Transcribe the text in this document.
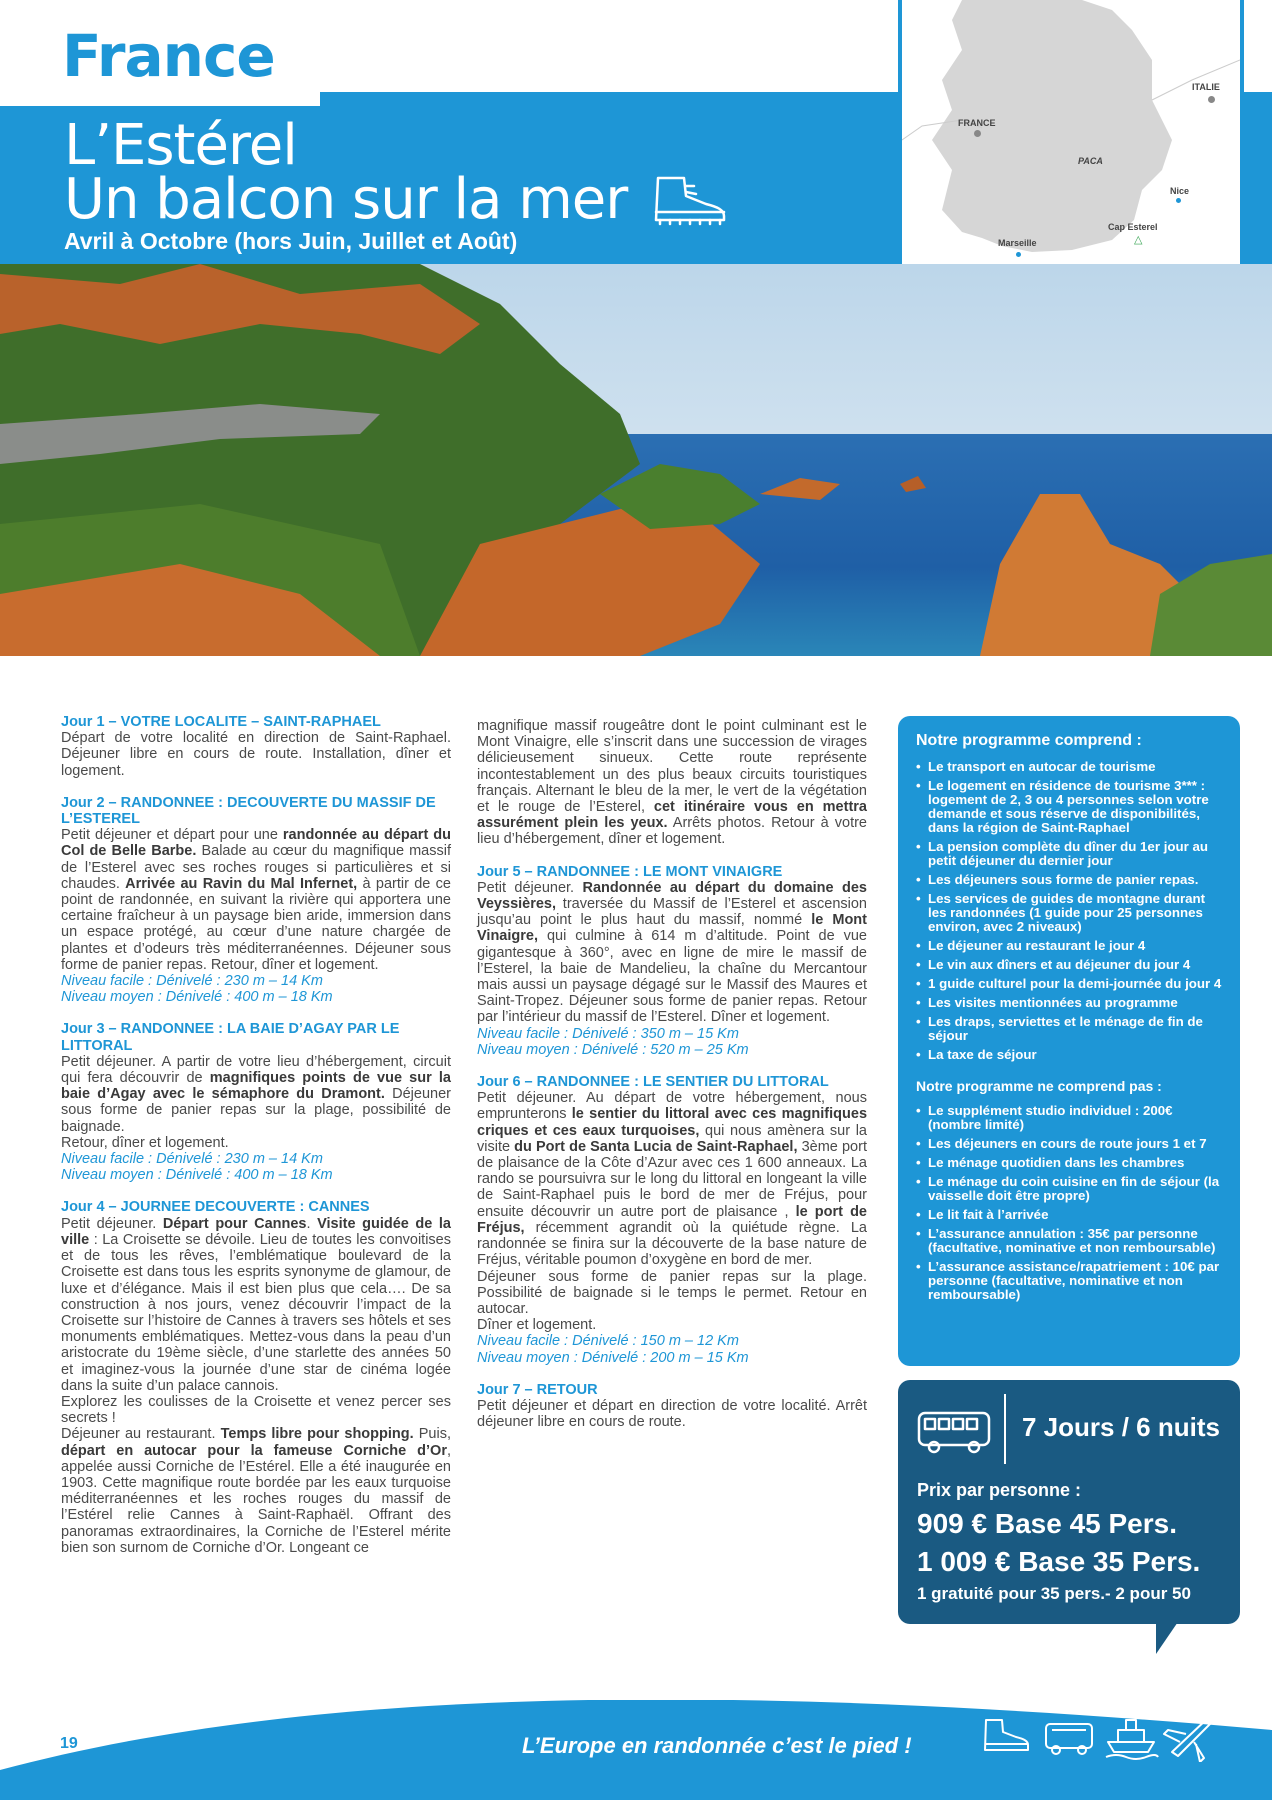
France
L’Estérel
Un balcon sur la mer
Avril à Octobre (hors Juin, Juillet et Août)
ITALIE
FRANCE
PACA
Nice
Cap Esterel
△
Marseille
Jour 1 – VOTRE LOCALITE – SAINT-RAPHAEL
Départ de votre localité en direction de Saint-Raphael. Déjeuner libre en cours de route. Installation, dîner et logement.
Jour 2 – RANDONNEE : DECOUVERTE DU MASSIF DE L’ESTEREL
Petit déjeuner et départ pour une randonnée au départ du Col de Belle Barbe. Balade au cœur du magnifique massif de l’Esterel avec ses roches rouges si particulières et si chaudes. Arrivée au Ravin du Mal Infernet, à partir de ce point de randonnée, en suivant la rivière qui apportera une certaine fraîcheur à un paysage bien aride, immersion dans un espace protégé, au cœur d’une nature chargée de plantes et d’odeurs très méditerranéennes. Déjeuner sous forme de panier repas. Retour, dîner et logement.
Niveau facile : Dénivelé : 230 m – 14 Km
Niveau moyen : Dénivelé : 400 m – 18 Km
Jour 3 – RANDONNEE : LA BAIE D’AGAY PAR LE LITTORAL
Petit déjeuner. A partir de votre lieu d’hébergement, circuit qui fera découvrir de magnifiques points de vue sur la baie d’Agay avec le sémaphore du Dramont. Déjeuner sous forme de panier repas sur la plage, possibilité de baignade.
Retour, dîner et logement.
Niveau facile : Dénivelé : 230 m – 14 Km
Niveau moyen : Dénivelé : 400 m – 18 Km
Jour 4 – JOURNEE DECOUVERTE : CANNES
Petit déjeuner. Départ pour Cannes. Visite guidée de la ville : La Croisette se dévoile. Lieu de toutes les convoitises et de tous les rêves, l’emblématique boulevard de la Croisette est dans tous les esprits synonyme de glamour, de luxe et d’élégance. Mais il est bien plus que cela…. De sa construction à nos jours, venez découvrir l’impact de la Croisette sur l’histoire de Cannes à travers ses hôtels et ses monuments emblématiques. Mettez-vous dans la peau d’un aristocrate du 19ème siècle, d’une starlette des années 50 et imaginez-vous la journée d’une star de cinéma logée dans la suite d’un palace cannois.
Explorez les coulisses de la Croisette et venez percer ses secrets !
Déjeuner au restaurant. Temps libre pour shopping. Puis, départ en autocar pour la fameuse Corniche d’Or, appelée aussi Corniche de l’Estérel. Elle a été inaugurée en 1903. Cette magnifique route bordée par les eaux turquoise méditerranéennes et les roches rouges du massif de l’Estérel relie Cannes à Saint-Raphaël. Offrant des panoramas extraordinaires, la Corniche de l’Esterel mérite bien son surnom de Corniche d’Or. Longeant ce
magnifique massif rougeâtre dont le point culminant est le Mont Vinaigre, elle s’inscrit dans une succession de virages délicieusement sinueux. Cette route représente incontestablement un des plus beaux circuits touristiques français. Alternant le bleu de la mer, le vert de la végétation et le rouge de l’Esterel, cet itinéraire vous en mettra assurément plein les yeux. Arrêts photos. Retour à votre lieu d’hébergement, dîner et logement.
Jour 5 – RANDONNEE : LE MONT VINAIGRE
Petit déjeuner. Randonnée au départ du domaine des Veyssières, traversée du Massif de l’Esterel et ascension jusqu’au point le plus haut du massif, nommé le Mont Vinaigre, qui culmine à 614 m d’altitude. Point de vue gigantesque à 360°, avec en ligne de mire le massif de l’Esterel, la baie de Mandelieu, la chaîne du Mercantour mais aussi un paysage dégagé sur le Massif des Maures et Saint-Tropez. Déjeuner sous forme de panier repas. Retour par l’intérieur du massif de l’Esterel. Dîner et logement.
Niveau facile : Dénivelé : 350 m – 15 Km
Niveau moyen : Dénivelé : 520 m – 25 Km
Jour 6 – RANDONNEE : LE SENTIER DU LITTORAL
Petit déjeuner. Au départ de votre hébergement, nous emprunterons le sentier du littoral avec ces magnifiques criques et ces eaux turquoises, qui nous amènera sur la visite du Port de Santa Lucia de Saint-Raphael, 3ème port de plaisance de la Côte d’Azur avec ces 1 600 anneaux. La rando se poursuivra sur le long du littoral en longeant la ville de Saint-Raphael puis le bord de mer de Fréjus, pour ensuite découvrir un autre port de plaisance , le port de Fréjus, récemment agrandit où la quiétude règne. La randonnée se finira sur la découverte de la base nature de Fréjus, véritable poumon d’oxygène en bord de mer.
Déjeuner sous forme de panier repas sur la plage. Possibilité de baignade si le temps le permet. Retour en autocar.
Dîner et logement.
Niveau facile : Dénivelé : 150 m – 12 Km
Niveau moyen : Dénivelé : 200 m – 15 Km
Jour 7 – RETOUR
Petit déjeuner et départ en direction de votre localité. Arrêt déjeuner libre en cours de route.
Notre programme comprend :
• Le transport en autocar de tourisme
• Le logement en résidence de tourisme 3*** : logement de 2, 3 ou 4 personnes selon votre demande et sous réserve de disponibilités, dans la région de Saint-Raphael
• La pension complète du dîner du 1er jour au petit déjeuner du dernier jour
• Les déjeuners sous forme de panier repas.
• Les services de guides de montagne durant les randonnées (1 guide pour 25 personnes environ, avec 2 niveaux)
• Le déjeuner au restaurant le jour 4
• Le vin aux dîners et au déjeuner du jour 4
• 1 guide culturel pour la demi-journée du jour 4
• Les visites mentionnées au programme
• Les draps, serviettes et le ménage de fin de séjour
• La taxe de séjour
Notre programme ne comprend pas :
• Le supplément studio individuel : 200€ (nombre limité)
• Les déjeuners en cours de route jours 1 et 7
• Le ménage quotidien dans les chambres
• Le ménage du coin cuisine en fin de séjour (la vaisselle doit être propre)
• Le lit fait à l’arrivée
• L’assurance annulation : 35€ par personne (facultative, nominative et non remboursable)
• L’assurance assistance/rapatriement : 10€ par personne (facultative, nominative et non remboursable)
7 Jours / 6 nuits
Prix par personne :
909 € Base 45 Pers.
1 009 € Base 35 Pers.
1 gratuité pour 35 pers.- 2 pour 50
19	L’Europe en randonnée c’est le pied !
